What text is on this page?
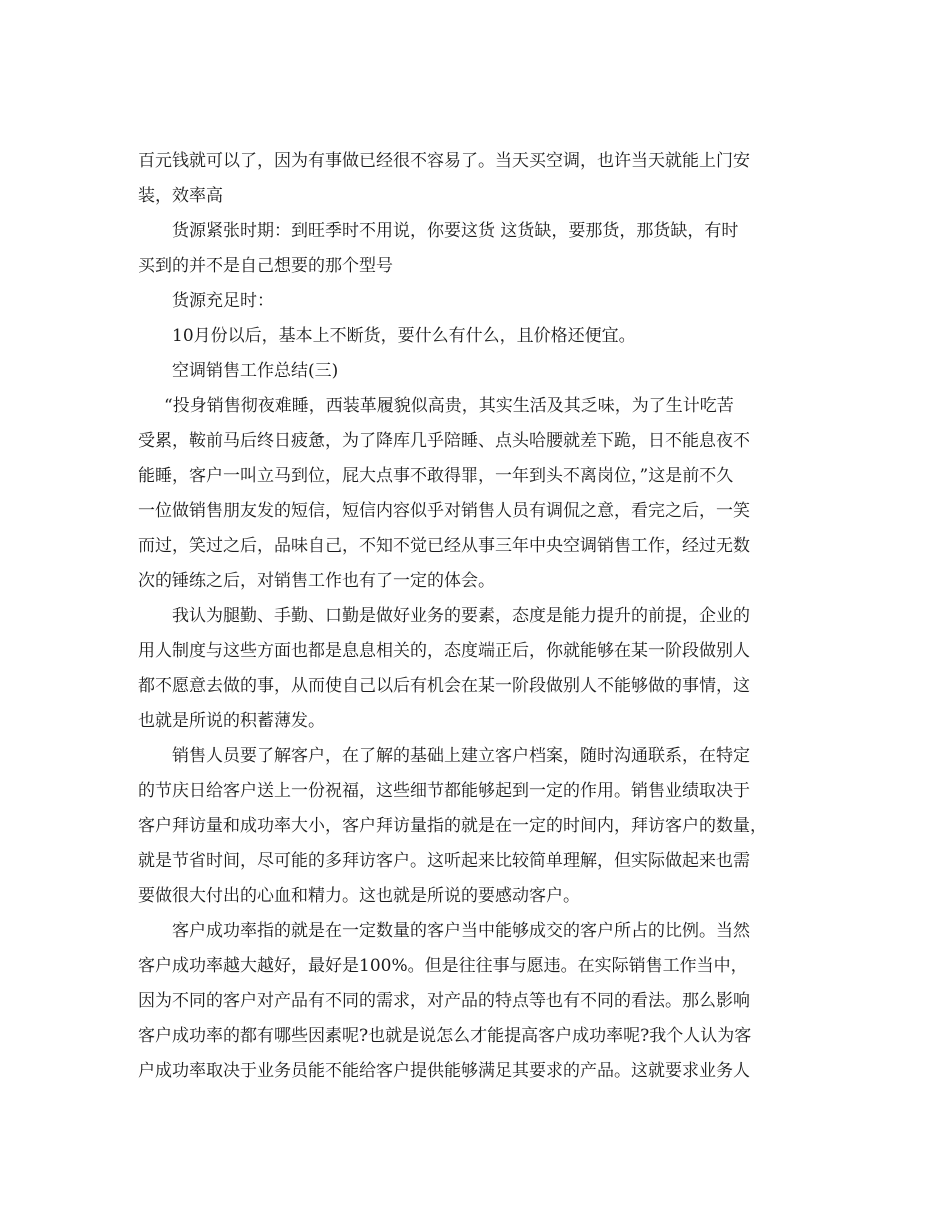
百元钱就可以了，因为有事做已经很不容易了。当天买空调，也许当天就能上门安
装，效率高
货源紧张时期：到旺季时不用说，你要这货 这货缺，要那货，那货缺，有时
买到的并不是自己想要的那个型号
货源充足时：
10月份以后，基本上不断货，要什么有什么，且价格还便宜。
空调销售工作总结(三)
“投身销售彻夜难睡，西装革履貌似高贵，其实生活及其乏味，为了生计吃苦
受累，鞍前马后终日疲惫，为了降库几乎陪睡、点头哈腰就差下跪，日不能息夜不
能睡，客户一叫立马到位，屁大点事不敢得罪，一年到头不离岗位，”这是前不久
一位做销售朋友发的短信，短信内容似乎对销售人员有调侃之意，看完之后，一笑
而过，笑过之后，品味自己，不知不觉已经从事三年中央空调销售工作，经过无数
次的锤练之后，对销售工作也有了一定的体会。
我认为腿勤、手勤、口勤是做好业务的要素，态度是能力提升的前提，企业的
用人制度与这些方面也都是息息相关的，态度端正后，你就能够在某一阶段做别人
都不愿意去做的事，从而使自己以后有机会在某一阶段做别人不能够做的事情，这
也就是所说的积蓄薄发。
销售人员要了解客户，在了解的基础上建立客户档案，随时沟通联系，在特定
的节庆日给客户送上一份祝福，这些细节都能够起到一定的作用。销售业绩取决于
客户拜访量和成功率大小，客户拜访量指的就是在一定的时间内，拜访客户的数量，
就是节省时间，尽可能的多拜访客户。这听起来比较简单理解，但实际做起来也需
要做很大付出的心血和精力。这也就是所说的要感动客户。
客户成功率指的就是在一定数量的客户当中能够成交的客户所占的比例。当然
客户成功率越大越好，最好是100%。但是往往事与愿违。在实际销售工作当中，
因为不同的客户对产品有不同的需求，对产品的特点等也有不同的看法。那么影响
客户成功率的都有哪些因素呢?也就是说怎么才能提高客户成功率呢?我个人认为客
户成功率取决于业务员能不能给客户提供能够满足其要求的产品。这就要求业务人
